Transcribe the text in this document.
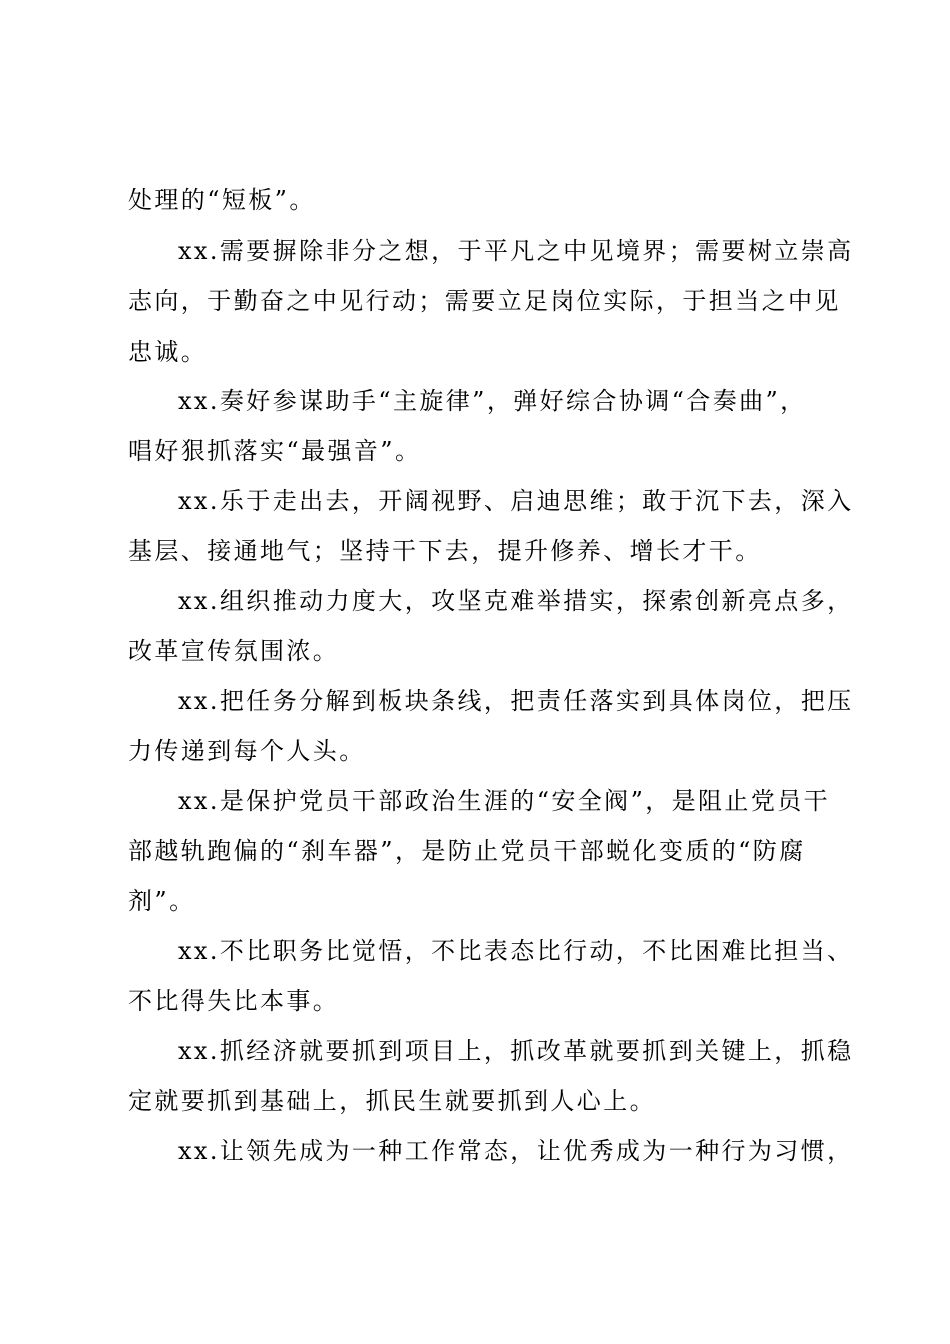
处理的“短板”。
xx.需要摒除非分之想，于平凡之中见境界；需要树立崇高
志向，于勤奋之中见行动；需要立足岗位实际，于担当之中见
忠诚。
xx.奏好参谋助手“主旋律”，弹好综合协调“合奏曲”，
唱好狠抓落实“最强音”。
xx.乐于走出去，开阔视野、启迪思维；敢于沉下去，深入
基层、接通地气；坚持干下去，提升修养、增长才干。
xx.组织推动力度大，攻坚克难举措实，探索创新亮点多，
改革宣传氛围浓。
xx.把任务分解到板块条线，把责任落实到具体岗位，把压
力传递到每个人头。
xx.是保护党员干部政治生涯的“安全阀”，是阻止党员干
部越轨跑偏的“刹车器”，是防止党员干部蜕化变质的“防腐
剂”。
xx.不比职务比觉悟，不比表态比行动，不比困难比担当、
不比得失比本事。
xx.抓经济就要抓到项目上，抓改革就要抓到关键上，抓稳
定就要抓到基础上，抓民生就要抓到人心上。
xx.让领先成为一种工作常态，让优秀成为一种行为习惯，
